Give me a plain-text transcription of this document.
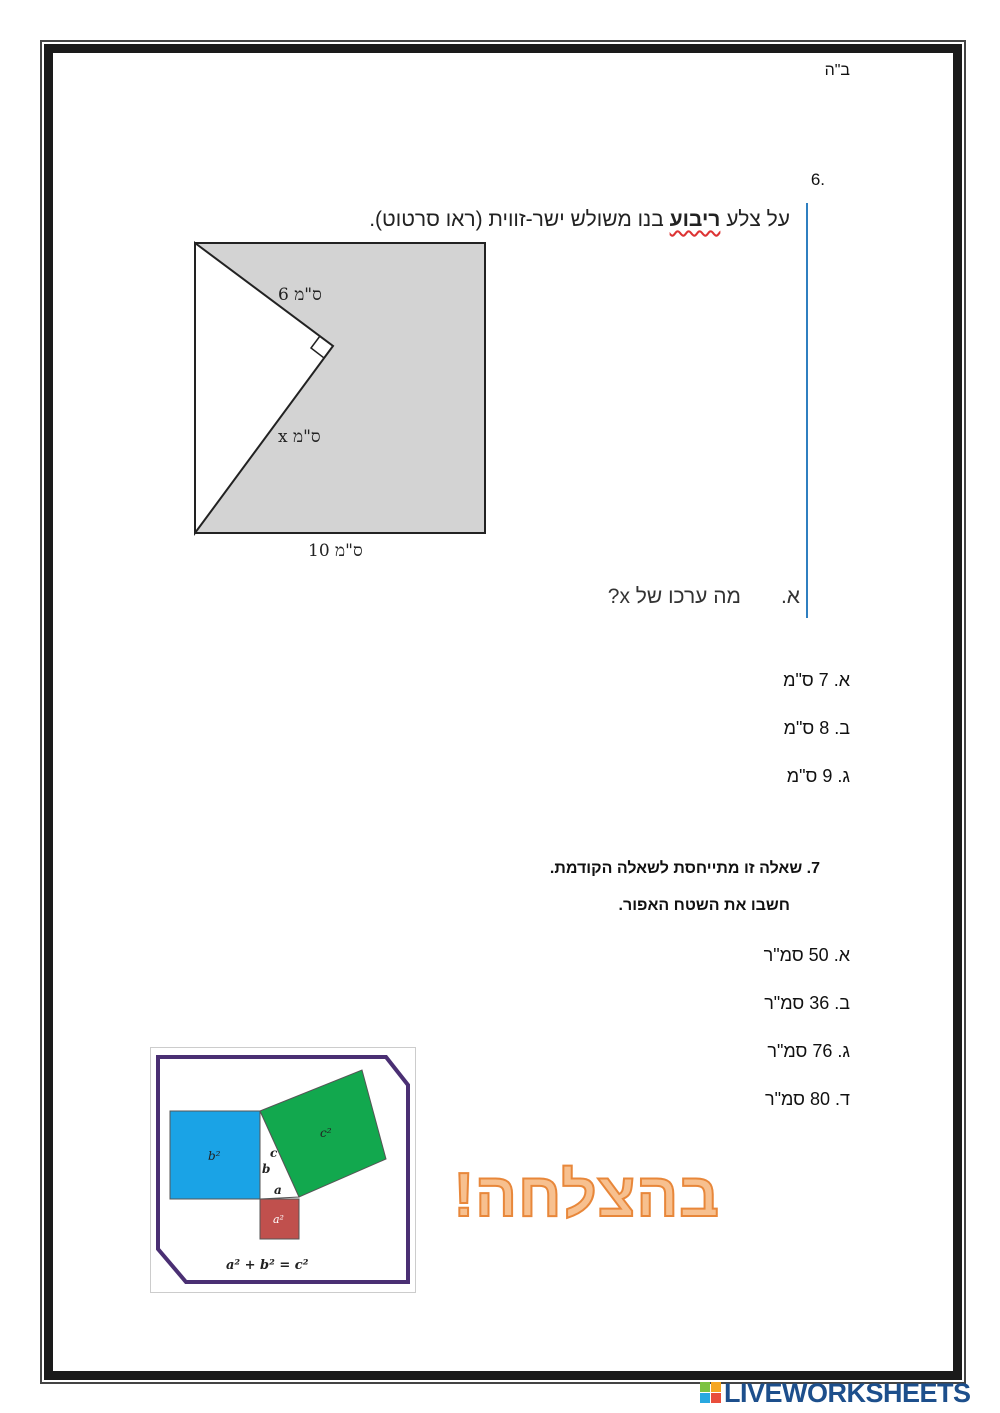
ב"ה
6.
על צלע ריבוע בנו משולש ישר-זווית (ראו סרטוט).
6 ס"מ
x ס"מ
10 ס"מ
א.מה ערכו של x?
א. 7 ס"מ
ב. 8 ס"מ
ג. 9 ס"מ
7. שאלה זו מתייחסת לשאלה הקודמת.
חשבו את השטח האפור.
א. 50 סמ"ר
ב. 36 סמ"ר
ג. 76 סמ"ר
ד. 80 סמ"ר
b²
c²
a²
b
c
a
a² + b² = c²
בהצלחה!
LIVEWORKSHEETS
